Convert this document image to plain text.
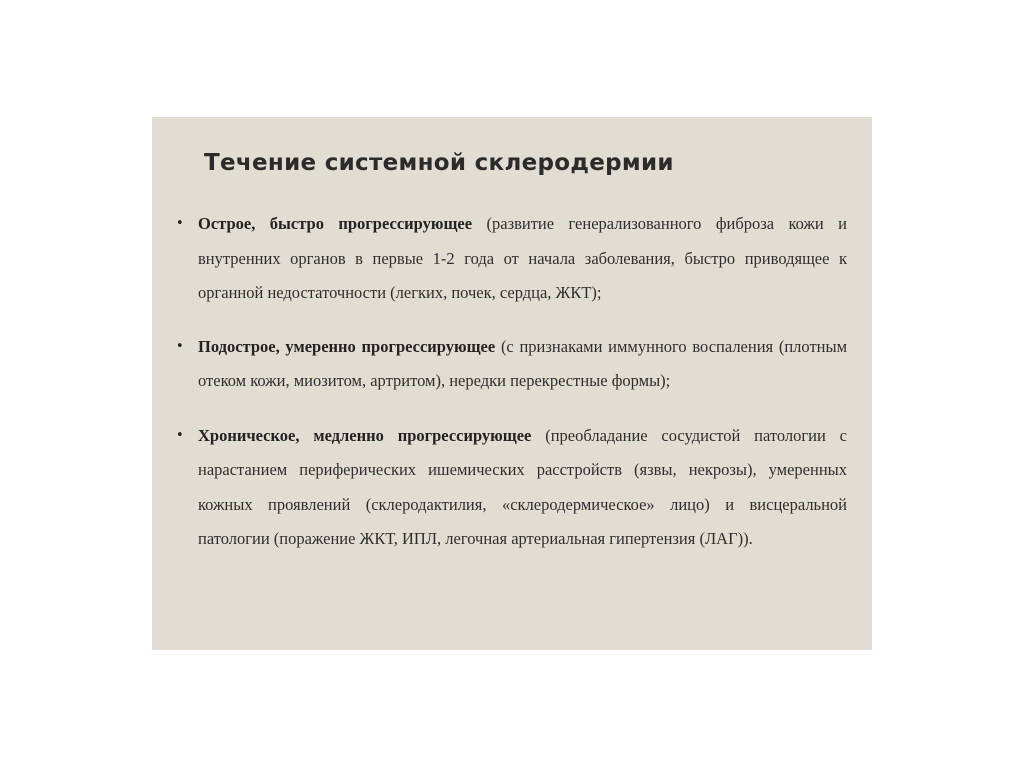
Течение системной склеродермии
• Острое, быстро прогрессирующее (развитие генерализованного фиброза кожи и внутренних органов в первые 1-2 года от начала заболевания, быстро приводящее к органной недостаточности (легких, почек, сердца, ЖКТ);
• Подострое, умеренно прогрессирующее (с признаками иммунного воспаления (плотным отеком кожи, миозитом, артритом), нередки перекрестные формы);
• Хроническое, медленно прогрессирующее (преобладание сосудистой патологии с нарастанием периферических ишемических расстройств (язвы, некрозы), умеренных кожных проявлений (склеродактилия, «склеродермическое» лицо) и висцеральной патологии (поражение ЖКТ, ИПЛ, легочная артериальная гипертензия (ЛАГ)).
